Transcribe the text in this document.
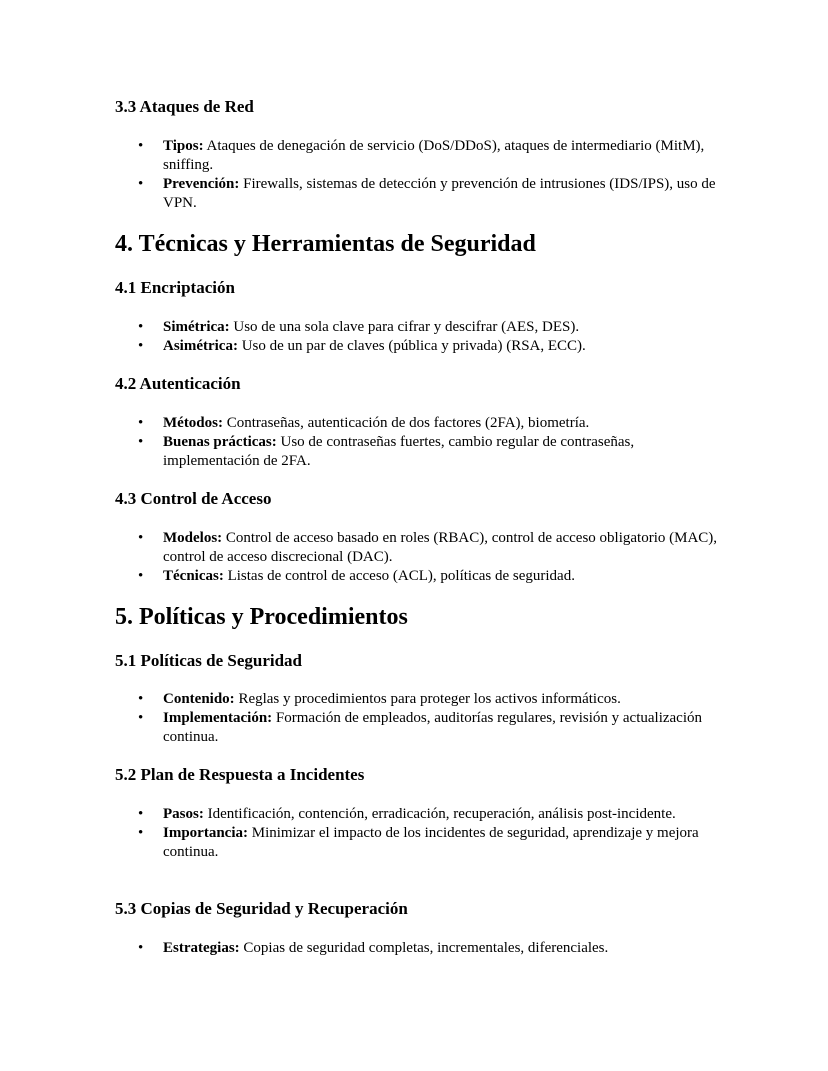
3.3 Ataques de Red
•	Tipos: Ataques de denegación de servicio (DoS/DDoS), ataques de intermediario (MitM), sniffing.
•	Prevención: Firewalls, sistemas de detección y prevención de intrusiones (IDS/IPS), uso de VPN.
4. Técnicas y Herramientas de Seguridad
4.1 Encriptación
•	Simétrica: Uso de una sola clave para cifrar y descifrar (AES, DES).
•	Asimétrica: Uso de un par de claves (pública y privada) (RSA, ECC).
4.2 Autenticación
•	Métodos: Contraseñas, autenticación de dos factores (2FA), biometría.
•	Buenas prácticas: Uso de contraseñas fuertes, cambio regular de contraseñas, implementación de 2FA.
4.3 Control de Acceso
•	Modelos: Control de acceso basado en roles (RBAC), control de acceso obligatorio (MAC), control de acceso discrecional (DAC).
•	Técnicas: Listas de control de acceso (ACL), políticas de seguridad.
5. Políticas y Procedimientos
5.1 Políticas de Seguridad
•	Contenido: Reglas y procedimientos para proteger los activos informáticos.
•	Implementación: Formación de empleados, auditorías regulares, revisión y actualización continua.
5.2 Plan de Respuesta a Incidentes
•	Pasos: Identificación, contención, erradicación, recuperación, análisis post-incidente.
•	Importancia: Minimizar el impacto de los incidentes de seguridad, aprendizaje y mejora continua.
5.3 Copias de Seguridad y Recuperación
•	Estrategias: Copias de seguridad completas, incrementales, diferenciales.
